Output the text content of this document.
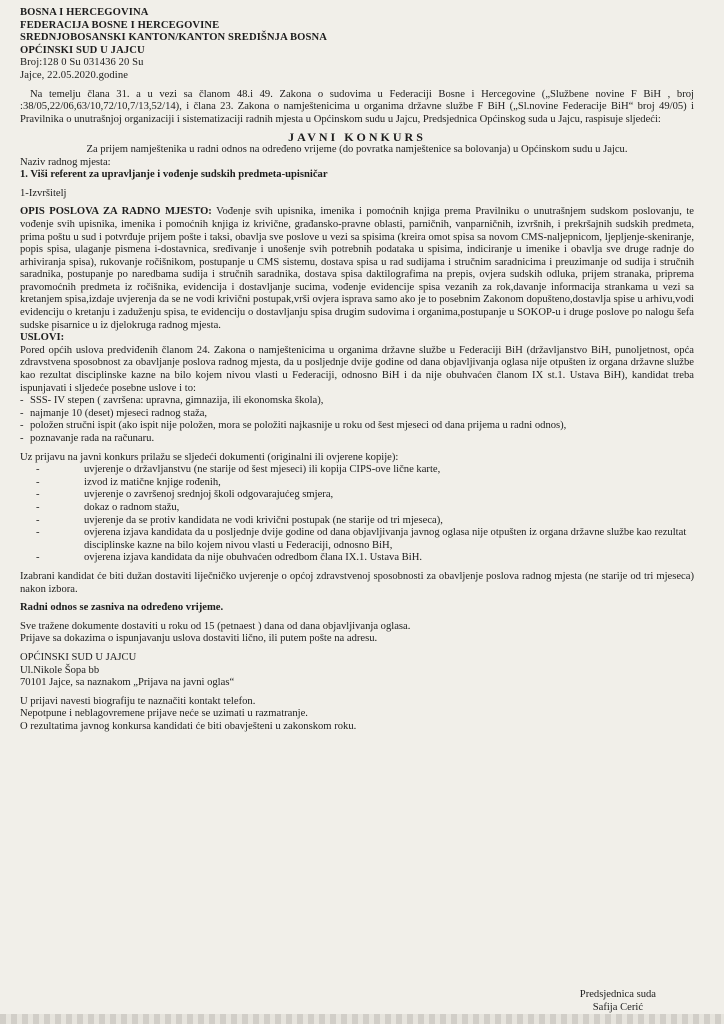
BOSNA I HERCEGOVINA
FEDERACIJA BOSNE I HERCEGOVINE
SREDNJOBOSANSKI KANTON/KANTON SREDIŠNJA BOSNA
OPĆINSKI SUD U JAJCU
Broj:128 0 Su 031436 20 Su
Jajce, 22.05.2020.godine

Na temelju člana 31. a u vezi sa članom 48.i 49. Zakona o sudovima u Federaciji Bosne i Hercegovine („Službene novine F BiH , broj :38/05,22/06,63/10,72/10,7/13,52/14), i člana 23. Zakona o namještenicima u organima državne službe F BiH („Sl.novine Federacije BiH“ broj 49/05) i Pravilnika o unutrašnjoj organizaciji i sistematizaciji radnih mjesta u Općinskom sudu u Jajcu, Predsjednica Općinskog suda u Jajcu, raspisuje sljedeći:

JAVNI KONKURS

Za prijem namještenika u radni odnos na određeno vrijeme (do povratka namještenice sa bolovanja) u Općinskom sudu u Jajcu.

Naziv radnog mjesta:

1. Viši referent za upravljanje i vođenje sudskih predmeta-upisničar

1-Izvršitelj

OPIS POSLOVA ZA RADNO MJESTO: Vođenje svih upisnika, imenika i pomoćnih knjiga prema Pravilniku o unutrašnjem sudskom poslovanju, te vođenje svih upisnika, imenika i pomoćnih knjiga iz krivične, građansko-pravne oblasti, parničnih, vanparničnih, izvršnih, i prekršajnih sudskih predmeta, prima poštu u sud i potvrđuje prijem pošte i taksi, obavlja sve poslove u vezi sa spisima (kreira omot spisa sa novom CMS-naljepnicom, ljepljenje-skeniranje, popis spisa, ulaganje pismena i-dostavnica, sređivanje i unošenje svih potrebnih podataka u spisima, indiciranje u imenike i obavlja sve druge radnje do arhiviranja spisa), rukovanje ročišnikom, postupanje u CMS sistemu, dostava spisa u rad sudijama i stručnim saradnicima i preuzimanje od sudija i stručnih saradnika, postupanje po naredbama sudija i stručnih saradnika, dostava spisa daktilografima na prepis, ovjera sudskih odluka, prijem stranaka, priprema pravomoćnih predmeta iz ročišnika, evidencija i dostavljanje sucima, vođenje evidencije spisa vezanih za rok,davanje informacija strankama u vezi sa kretanjem spisa,izdaje uvjerenja da se ne vodi krivični postupak,vrši ovjera isprava samo ako je to posebnim Zakonom dopušteno,dostavlja spise u arhivu,vodi evidenciju o kretanju i zaduženju spisa, te evidenciju o dostavljanju spisa drugim sudovima i organima,postupanje u SOKOP-u i druge poslove po nalogu šefa sudske pisarnice u iz djelokruga radnog mjesta.

USLOVI:

Pored općih uslova predviđenih članom 24. Zakona o namještenicima u organima državne službe u Federaciji BiH (državljanstvo BiH, punoljetnost, opća zdravstvena sposobnost za obavljanje poslova radnog mjesta, da u posljednje dvije godine od dana objavljivanja oglasa nije otpušten iz organa državne službe kao rezultat disciplinske kazne na bilo kojem nivou vlasti u Federaciji, odnosno BiH i da nije obuhvaćen članom IX st.1. Ustava BiH), kandidat treba ispunjavati i sljedeće posebne uslove i to:

- SSS- IV stepen ( završena: upravna, gimnazija, ili ekonomska škola),
- najmanje 10 (deset) mjeseci radnog staža,
- položen stručni ispit (ako ispit nije položen, mora se položiti najkasnije u roku od šest mjeseci od dana prijema u radni odnos),
- poznavanje rada na računaru.

Uz prijavu na javni konkurs prilažu se sljedeći dokumenti (originalni ili ovjerene kopije):

- uvjerenje o državljanstvu (ne starije od šest mjeseci) ili kopija CIPS-ove lične karte,
- izvod iz matične knjige rođenih,
- uvjerenje o završenoj srednjoj školi odgovarajućeg smjera,
- dokaz o radnom stažu,
- uvjerenje da se protiv kandidata ne vodi krivični postupak (ne starije od tri mjeseca),
- ovjerena izjava kandidata da u posljednje dvije godine od dana objavljivanja javnog oglasa nije otpušten iz organa državne službe kao rezultat disciplinske kazne na bilo kojem nivou vlasti u Federaciji, odnosno BiH,
- ovjerena izjava kandidata da nije obuhvaćen odredbom člana IX.1. Ustava BiH.

Izabrani kandidat će biti dužan dostaviti liječničko uvjerenje o općoj zdravstvenoj sposobnosti za obavljenje poslova radnog mjesta (ne starije od tri mjeseca) nakon izbora.

Radni odnos se zasniva na određeno vrijeme.

Sve tražene dokumente dostaviti u roku od 15 (petnaest ) dana od dana objavljivanja oglasa.

Prijave sa dokazima o ispunjavanju uslova dostaviti lično, ili putem pošte na adresu.

OPĆINSKI SUD U JAJCU

Ul.Nikole Šopa bb

70101 Jajce, sa naznakom „Prijava na javni oglas“

U prijavi navesti biografiju te naznačiti kontakt telefon.

Nepotpune i neblagovremene prijave neće se uzimati u razmatranje.

O rezultatima javnog konkursa kandidati će biti obavješteni u zakonskom roku.

Predsjednica suda
Safija Cerić
